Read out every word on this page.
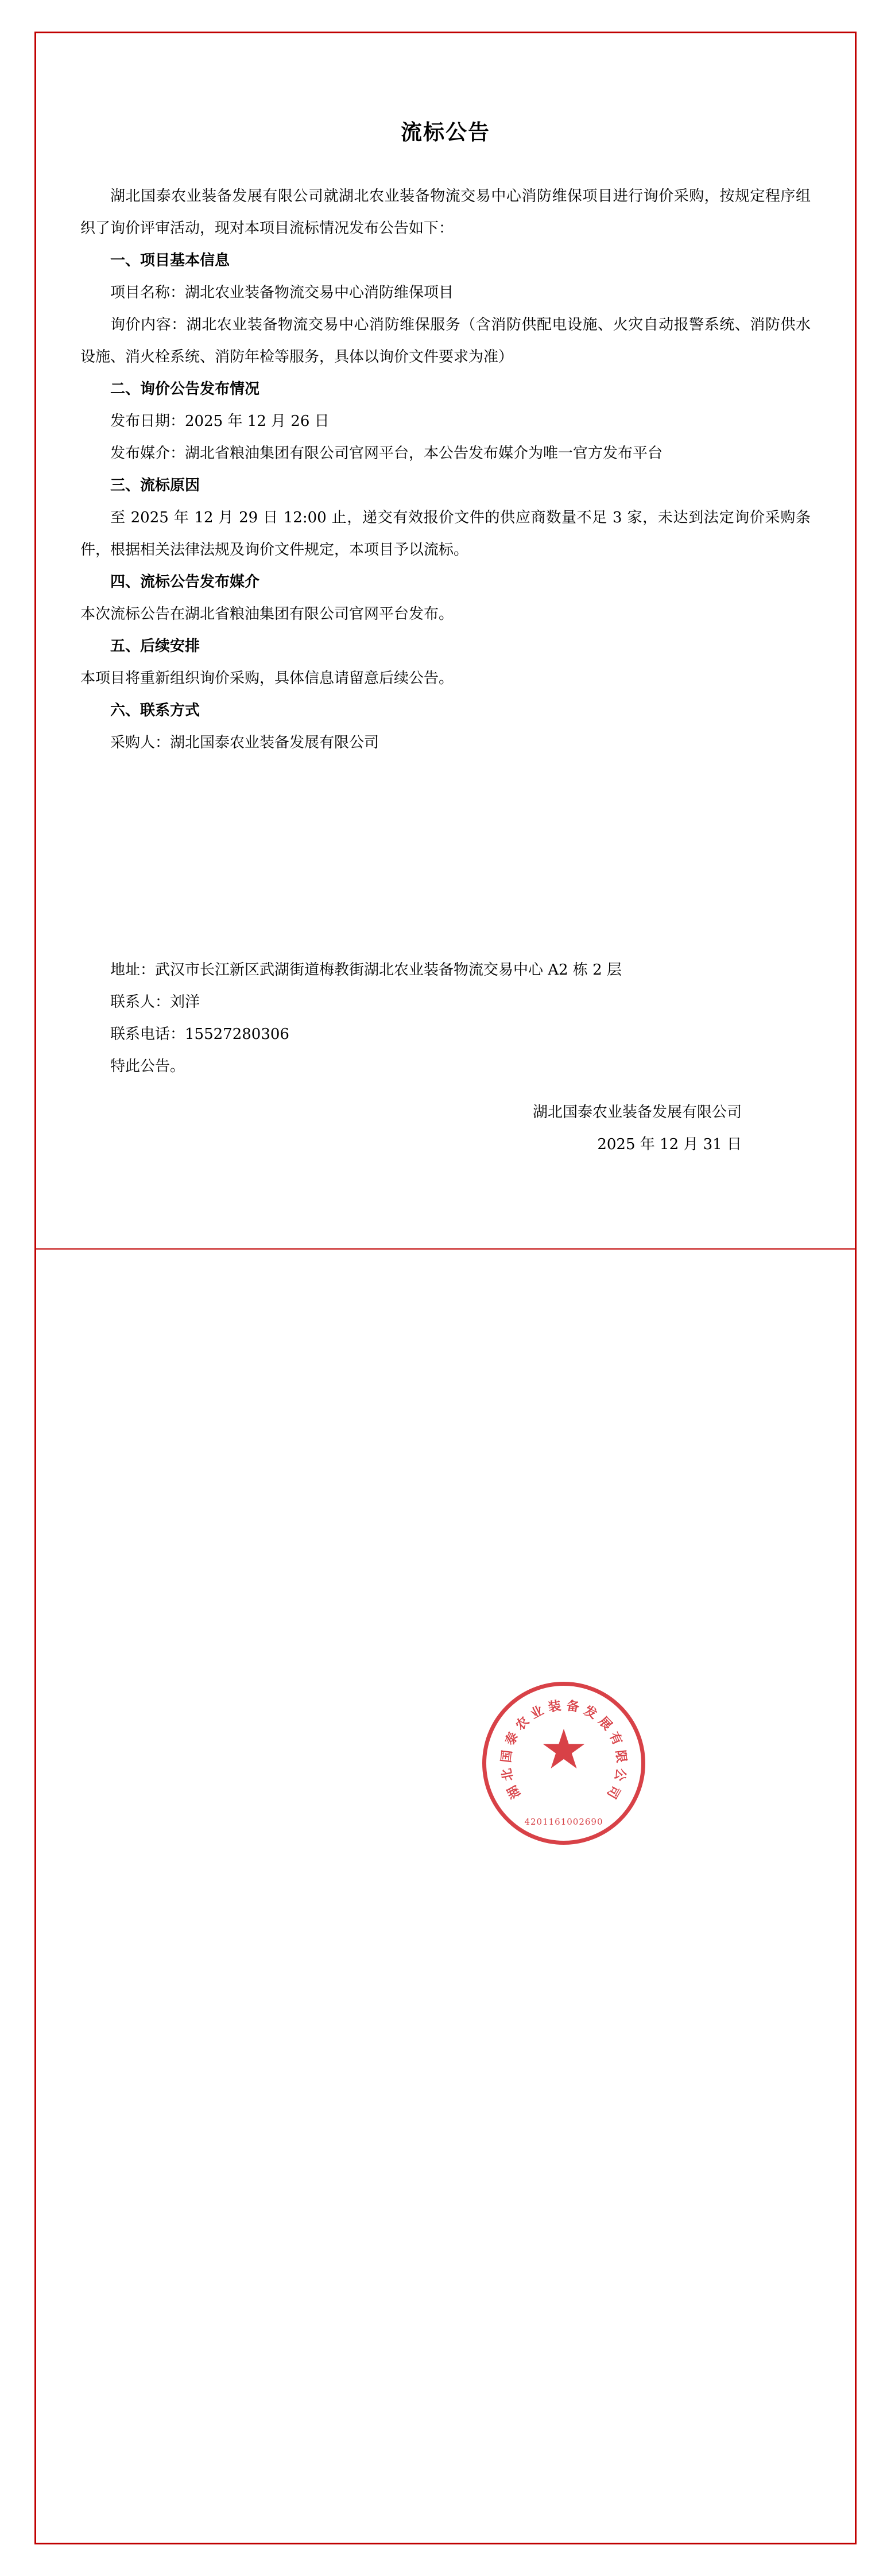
流标公告

湖北国泰农业装备发展有限公司就湖北农业装备物流交易中心消防维保项目进行询价采购，按规定程序组织了询价评审活动，现对本项目流标情况发布公告如下：

一、项目基本信息

项目名称：湖北农业装备物流交易中心消防维保项目

询价内容：湖北农业装备物流交易中心消防维保服务（含消防供配电设施、火灾自动报警系统、消防供水设施、消火栓系统、消防年检等服务，具体以询价文件要求为准）

二、询价公告发布情况

发布日期：2025 年 12 月 26 日

发布媒介：湖北省粮油集团有限公司官网平台，本公告发布媒介为唯一官方发布平台

三、流标原因

至 2025 年 12 月 29 日 12:00 止，递交有效报价文件的供应商数量不足 3 家，未达到法定询价采购条件，根据相关法律法规及询价文件规定，本项目予以流标。

四、流标公告发布媒介

本次流标公告在湖北省粮油集团有限公司官网平台发布。

五、后续安排

本项目将重新组织询价采购，具体信息请留意后续公告。

六、联系方式

采购人：湖北国泰农业装备发展有限公司

地址：武汉市长江新区武湖街道梅教街湖北农业装备物流交易中心 A2 栋 2 层

联系人：刘洋

联系电话：15527280306

特此公告。

湖北国泰农业装备发展有限公司
2025 年 12 月 31 日
湖
北
国
泰
农
业 装 备 发
展
有
限
公
司
★
4201161002690
